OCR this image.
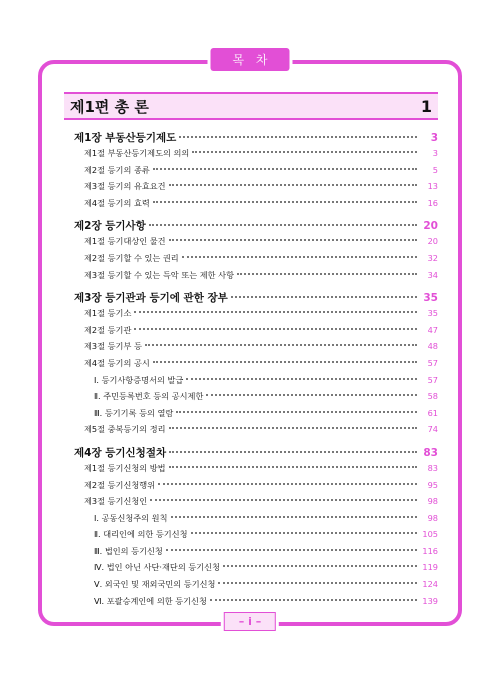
목 차
제1편 총 론	1
제1장 부동산등기제도	3
제1절 부동산등기제도의 의의	3
제2절 등기의 종류	5
제3절 등기의 유효요건	13
제4절 등기의 효력	16
제2장 등기사항	20
제1절 등기대상인 물건	20
제2절 등기할 수 있는 권리	32
제3절 등기할 수 있는 득악 또는 제한 사항	34
제3장 등기관과 등기에 관한 장부	35
제1절 등기소	35
제2절 등기관	47
제3절 등기부 등	48
제4절 등기의 공시	57
Ⅰ. 등기사항증명서의 발급	57
Ⅱ. 주민등록번호 등의 공시제한	58
Ⅲ. 등기기록 등의 열람	61
제5절 중복등기의 정리	74
제4장 등기신청절차	83
제1절 등기신청의 방법	83
제2절 등기신청행위	95
제3절 등기신청인	98
Ⅰ. 공동신청주의 원칙	98
Ⅱ. 대리인에 의한 등기신청	105
Ⅲ. 법인의 등기신청	116
Ⅳ. 법인 아닌 사단·재단의 등기신청	119
Ⅴ. 외국인 및 재외국민의 등기신청	124
Ⅵ. 포괄승계인에 의한 등기신청	139
– i –
